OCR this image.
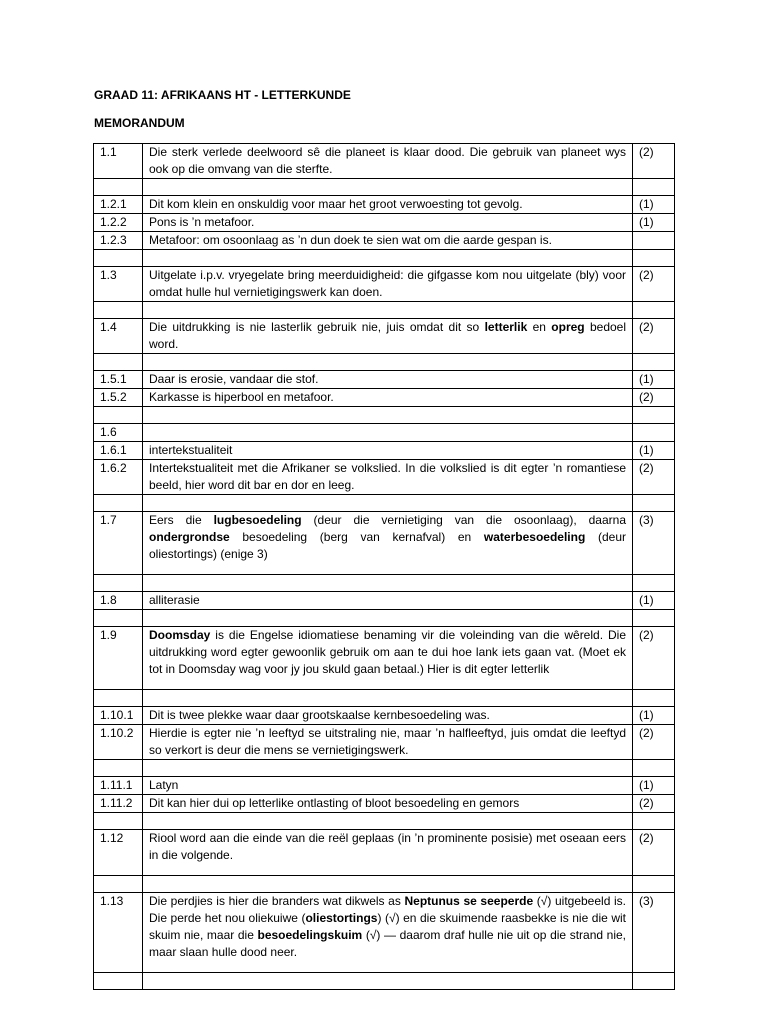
GRAAD 11: AFRIKAANS HT - LETTERKUNDE
MEMORANDUM
1.1	Die sterk verlede deelwoord sê die planeet is klaar dood. Die gebruik van planeet wys ook op die omvang van die sterfte.	(2)

1.2.1	Dit kom klein en onskuldig voor maar het groot verwoesting tot gevolg.	(1)
1.2.2	Pons is ’n metafoor.	(1)
1.2.3	Metafoor: om osoonlaag as ’n dun doek te sien wat om die aarde gespan is.	

1.3	Uitgelate i.p.v. vryegelate bring meerduidigheid: die gifgasse kom nou uitgelate (bly) voor omdat hulle hul vernietigingswerk kan doen.	(2)

1.4	Die uitdrukking is nie lasterlik gebruik nie, juis omdat dit so letterlik en opreg bedoel word.	(2)

1.5.1	Daar is erosie, vandaar die stof.	(1)
1.5.2	Karkasse is hiperbool en metafoor.	(2)

1.6		
1.6.1	intertekstualiteit	(1)
1.6.2	Intertekstualiteit met die Afrikaner se volkslied. In die volkslied is dit egter ’n romantiese beeld, hier word dit bar en dor en leeg.	(2)

1.7	Eers die lugbesoedeling (deur die vernietiging van die osoonlaag), daarna ondergrondse besoedeling (berg van kernafval) en waterbesoedeling (deur oliestortings) (enige 3)	(3)

1.8	alliterasie	(1)

1.9	Doomsday is die Engelse idiomatiese benaming vir die voleinding van die wêreld. Die uitdrukking word egter gewoonlik gebruik om aan te dui hoe lank iets gaan vat. (Moet ek tot in Doomsday wag voor jy jou skuld gaan betaal.) Hier is dit egter letterlik	(2)

1.10.1	Dit is twee plekke waar daar grootskaalse kernbesoedeling was.	(1)
1.10.2	Hierdie is egter nie ’n leeftyd se uitstraling nie, maar ’n halfleeftyd, juis omdat die leeftyd so verkort is deur die mens se vernietigingswerk.	(2)

1.11.1	Latyn	(1)
1.11.2	Dit kan hier dui op letterlike ontlasting of bloot besoedeling en gemors	(2)

1.12	Riool word aan die einde van die reël geplaas (in ’n prominente posisie) met oseaan eers in die volgende.	(2)

1.13	Die perdjies is hier die branders wat dikwels as Neptunus se seeperde (√) uitgebeeld is. Die perde het nou oliekuiwe (oliestortings) (√) en die skuimende raasbekke is nie die wit skuim nie, maar die besoedelingskuim (√) — daarom draf hulle nie uit op die strand nie, maar slaan hulle dood neer.	(3)
